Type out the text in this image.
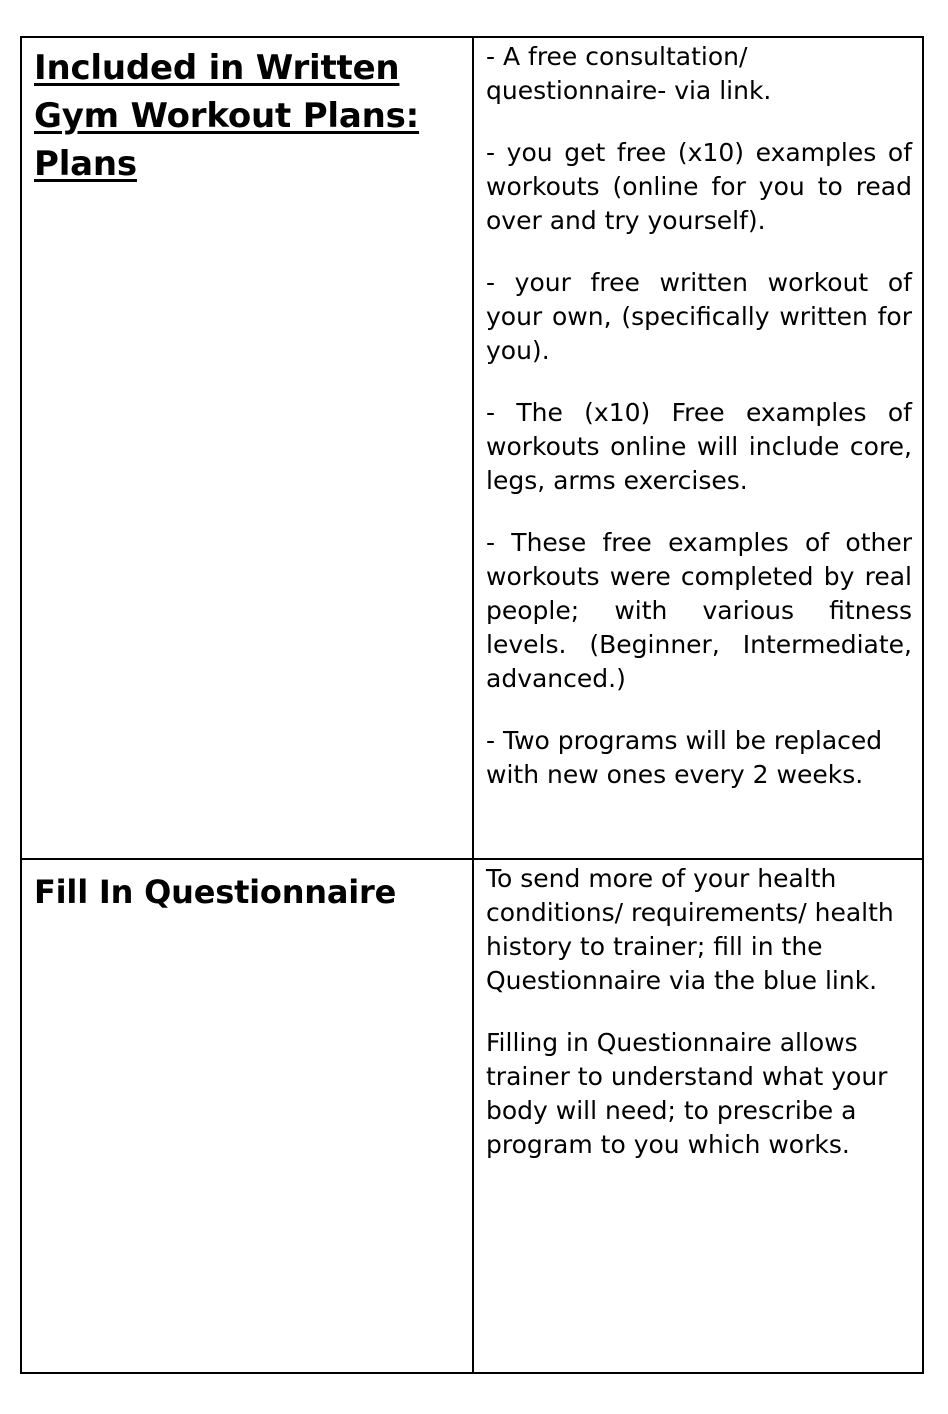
Included in Written

Gym Workout Plans:

Plans

- A free consultation/ questionnaire- via link.

- you get free (x10) examples of workouts (online for you to read over and try yourself).

- your free written workout of your own, (specifically written for you).

- The (x10) Free examples of workouts online will include core, legs, arms exercises.

- These free examples of other workouts were completed by real people; with various fitness levels. (Beginner, Intermediate, advanced.)

- Two programs will be replaced with new ones every 2 weeks.

Fill In Questionnaire	To send more of your health conditions/ requirements/ health history to trainer; fill in the Questionnaire via the blue link.

Filling in Questionnaire allows trainer to understand what your body will need; to prescribe a program to you which works.
